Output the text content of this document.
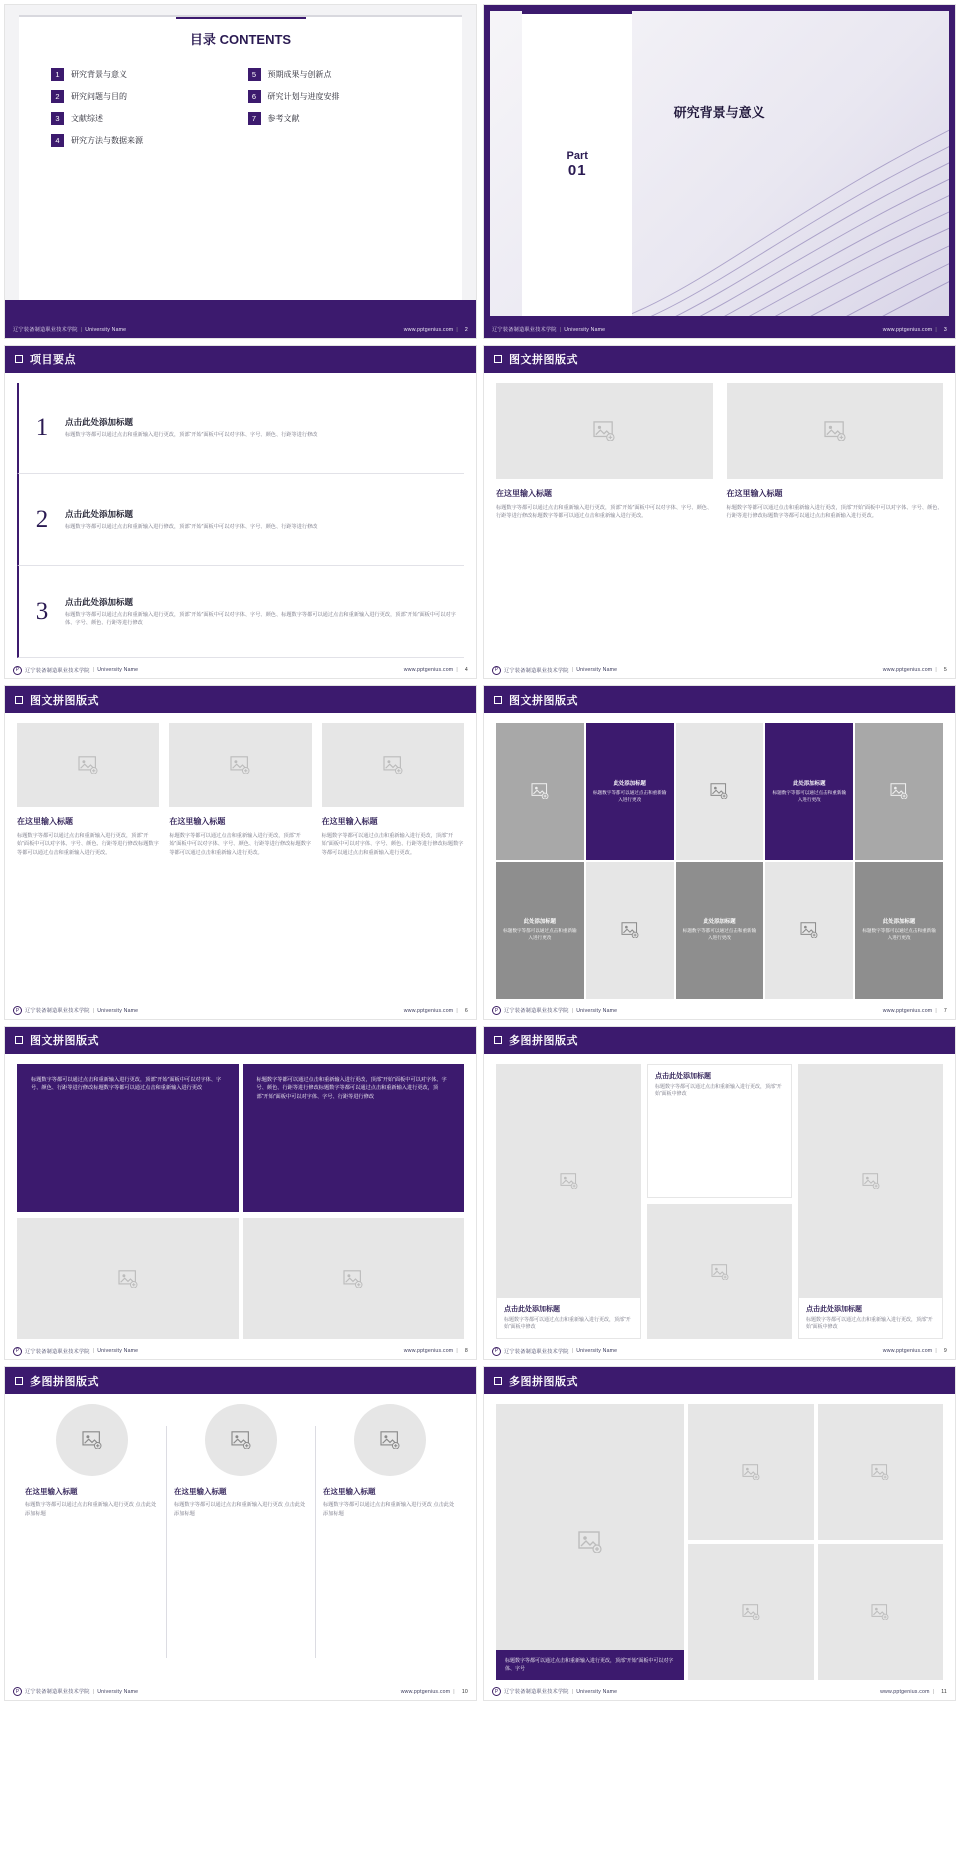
目录 CONTENTS
1	研究背景与意义	5	预期成果与创新点
2	研究问题与目的	6	研究计划与进度安排
3	文献综述	7	参考文献
4	研究方法与数据来源
辽宁装备制造职业技术学院 | University Name	www.pptgenius.com | 2
Part
01
研究背景与意义
辽宁装备制造职业技术学院 | University Name	www.pptgenius.com | 3
项目要点
1	点击此处添加标题

标题数字等都可以通过点击和重新输入进行更改，顶部“开始”面板中可以对字体、字号、颜色、行距等进行修改

2	点击此处添加标题

标题数字等都可以通过点击和重新输入进行修改，顶部“开始”面板中可以对字体、字号、颜色、行距等进行修改

3	点击此处添加标题

标题数字等都可以通过点击和重新输入进行更改，顶部“开始”面板中可以对字体、字号、颜色、标题数字等都可以通过点击和重新输入进行更改，顶部“开始”面板中可以对字体、字号、颜色、行距等进行修改

P	辽宁装备制造职业技术学院 | University Name	www.pptgenius.com | 4
图文拼图版式
在这里输入标题
标题数字等都可以通过点击和重新输入进行更改，顶部“开始”面板中可以对字体、字号、颜色、行距等进行修改标题数字等都可以通过点击和重新输入进行更改。
在这里输入标题
标题数字等都可以通过点击和重新输入进行更改，顶部“开始”面板中可以对字体、字号、颜色、行距等进行修改标题数字等都可以通过点击和重新输入进行更改。
P	辽宁装备制造职业技术学院 | University Name	www.pptgenius.com | 5
图文拼图版式
在这里输入标题
标题数字等都可以通过点击和重新输入进行更改，顶部“开始”面板中可以对字体、字号、颜色、行距等进行修改标题数字等都可以通过点击和重新输入进行更改。
在这里输入标题
标题数字等都可以通过点击和重新输入进行更改，顶部“开始”面板中可以对字体、字号、颜色、行距等进行修改标题数字等都可以通过点击和重新输入进行更改。
在这里输入标题
标题数字等都可以通过点击和重新输入进行更改，顶部“开始”面板中可以对字体、字号、颜色、行距等进行修改标题数字等都可以通过点击和重新输入进行更改。
P	辽宁装备制造职业技术学院 | University Name	www.pptgenius.com | 6
图文拼图版式
此处添加标题
标题数字等都可以通过点击和重新输入进行更改
此处添加标题
标题数字等都可以通过点击和重新输入进行更改
此处添加标题
标题数字等都可以通过点击和重新输入进行更改
此处添加标题
标题数字等都可以通过点击和重新输入进行更改
此处添加标题
标题数字等都可以通过点击和重新输入进行更改
P	辽宁装备制造职业技术学院 | University Name	www.pptgenius.com | 7
图文拼图版式
标题数字等都可以通过点击和重新输入进行更改，顶部“开始”面板中可以对字体、字号、颜色、行距等进行修改标题数字等都可以通过点击和重新输入进行更改
标题数字等都可以通过点击和重新输入进行更改，顶部“开始”面板中可以对字体、字号、颜色、行距等进行修改标题数字等都可以通过点击和重新输入进行更改，顶部“开始”面板中可以对字体、字号、行距等进行修改
P	辽宁装备制造职业技术学院 | University Name	www.pptgenius.com | 8
多图拼图版式
点击此处添加标题

标题数字等都可以通过点击和重新输入进行更改，顶部“开始”面板中修改

点击此处添加标题

标题数字等都可以通过点击和重新输入进行更改，顶部“开始”面板中修改

点击此处添加标题

标题数字等都可以通过点击和重新输入进行更改，顶部“开始”面板中修改

P	辽宁装备制造职业技术学院 | University Name	www.pptgenius.com | 9
多图拼图版式
在这里输入标题

标题数字等都可以通过点击和重新输入进行更改 点击此处添加标题

在这里输入标题

标题数字等都可以通过点击和重新输入进行更改 点击此处添加标题

在这里输入标题

标题数字等都可以通过点击和重新输入进行更改 点击此处添加标题

P	辽宁装备制造职业技术学院 | University Name	www.pptgenius.com | 10
多图拼图版式
标题数字等都可以通过点击和重新输入进行更改，顶部“开始”面板中可以对字体、字号
P	辽宁装备制造职业技术学院 | University Name	www.pptgenius.com | 11
